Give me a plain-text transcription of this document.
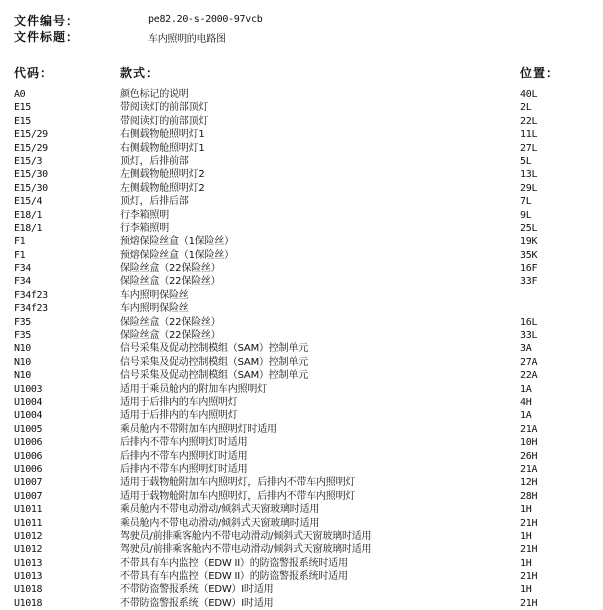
文件编号：	pe82.20-s-2000-97vcb
文件标题：	车内照明的电路图
代码：	款式：	位置：
A0	颜色标记的说明	40L
E15	带阅读灯的前部顶灯	2L
E15	带阅读灯的前部顶灯	22L
E15/29	右侧载物舱照明灯1	11L
E15/29	右侧载物舱照明灯1	27L
E15/3	顶灯，后排前部	5L
E15/30	左侧载物舱照明灯2	13L
E15/30	左侧载物舱照明灯2	29L
E15/4	顶灯，后排后部	7L
E18/1	行李箱照明	9L
E18/1	行李箱照明	25L
F1	预熔保险丝盒（1保险丝）	19K
F1	预熔保险丝盒（1保险丝）	35K
F34	保险丝盒（22保险丝）	16F
F34	保险丝盒（22保险丝）	33F
F34f23	车内照明保险丝
F34f23	车内照明保险丝
F35	保险丝盒（22保险丝）	16L
F35	保险丝盒（22保险丝）	33L
N10	信号采集及促动控制模组（SAM）控制单元	3A
N10	信号采集及促动控制模组（SAM）控制单元	27A
N10	信号采集及促动控制模组（SAM）控制单元	22A
U1003	适用于乘员舱内的附加车内照明灯	1A
U1004	适用于后排内的车内照明灯	4H
U1004	适用于后排内的车内照明灯	1A
U1005	乘员舱内不带附加车内照明灯时适用	21A
U1006	后排内不带车内照明灯时适用	10H
U1006	后排内不带车内照明灯时适用	26H
U1006	后排内不带车内照明灯时适用	21A
U1007	适用于载物舱附加车内照明灯，后排内不带车内照明灯	12H
U1007	适用于载物舱附加车内照明灯，后排内不带车内照明灯	28H
U1011	乘员舱内不带电动滑动/倾斜式天窗玻璃时适用	1H
U1011	乘员舱内不带电动滑动/倾斜式天窗玻璃时适用	21H
U1012	驾驶员/前排乘客舱内不带电动滑动/倾斜式天窗玻璃时适用	1H
U1012	驾驶员/前排乘客舱内不带电动滑动/倾斜式天窗玻璃时适用	21H
U1013	不带具有车内监控（EDW II）的防盗警报系统时适用	1H
U1013	不带具有车内监控（EDW II）的防盗警报系统时适用	21H
U1018	不带防盗警报系统（EDW）I时适用	1H
U1018	不带防盗警报系统（EDW）I时适用	21H
